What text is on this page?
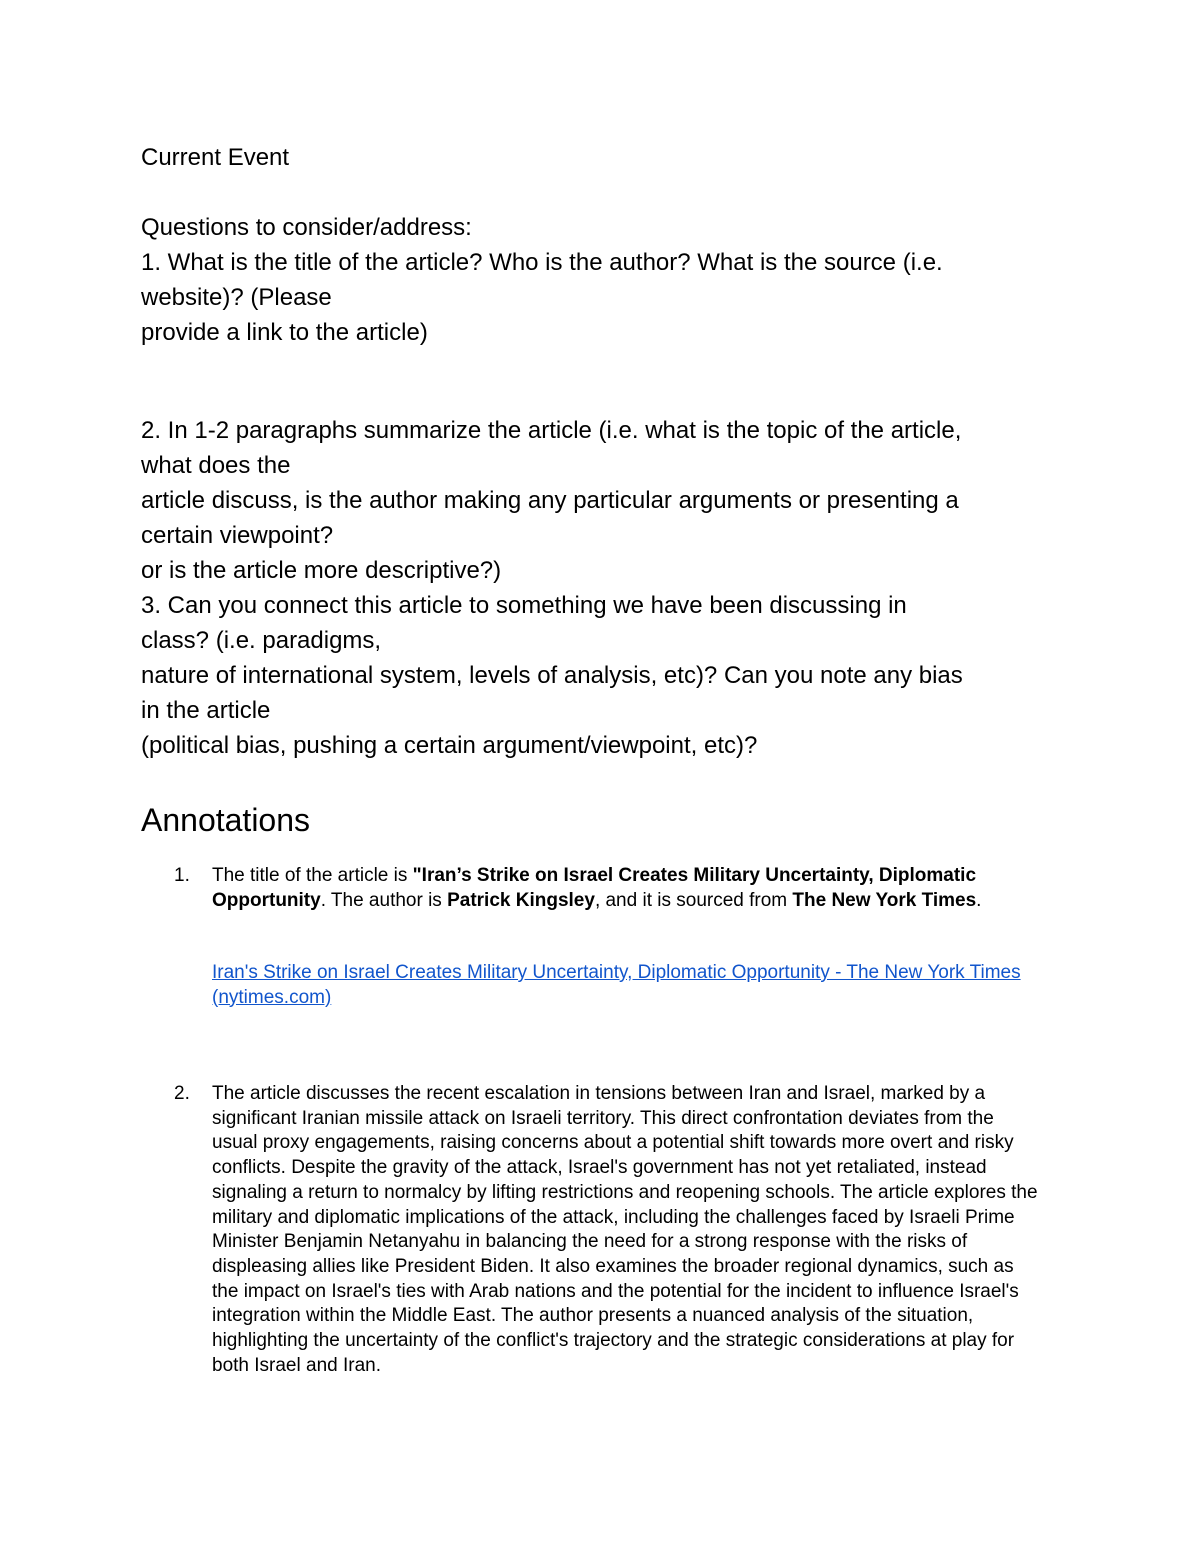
Current Event
Questions to consider/address:
1. What is the title of the article? Who is the author? What is the source (i.e.
website)? (Please
provide a link to the article)
2. In 1-2 paragraphs summarize the article (i.e. what is the topic of the article,
what does the
article discuss, is the author making any particular arguments or presenting a
certain viewpoint?
or is the article more descriptive?)
3. Can you connect this article to something we have been discussing in
class? (i.e. paradigms,
nature of international system, levels of analysis, etc)? Can you note any bias
in the article
(political bias, pushing a certain argument/viewpoint, etc)?
Annotations
1. The title of the article is "Iran’s Strike on Israel Creates Military Uncertainty, Diplomatic Opportunity. The author is Patrick Kingsley, and it is sourced from The New York Times.
Iran's Strike on Israel Creates Military Uncertainty, Diplomatic Opportunity - The New York Times (nytimes.com)
2. The article discusses the recent escalation in tensions between Iran and Israel, marked by a significant Iranian missile attack on Israeli territory. This direct confrontation deviates from the usual proxy engagements, raising concerns about a potential shift towards more overt and risky conflicts. Despite the gravity of the attack, Israel's government has not yet retaliated, instead signaling a return to normalcy by lifting restrictions and reopening schools. The article explores the military and diplomatic implications of the attack, including the challenges faced by Israeli Prime Minister Benjamin Netanyahu in balancing the need for a strong response with the risks of displeasing allies like President Biden. It also examines the broader regional dynamics, such as the impact on Israel's ties with Arab nations and the potential for the incident to influence Israel's integration within the Middle East. The author presents a nuanced analysis of the situation, highlighting the uncertainty of the conflict's trajectory and the strategic considerations at play for both Israel and Iran.
